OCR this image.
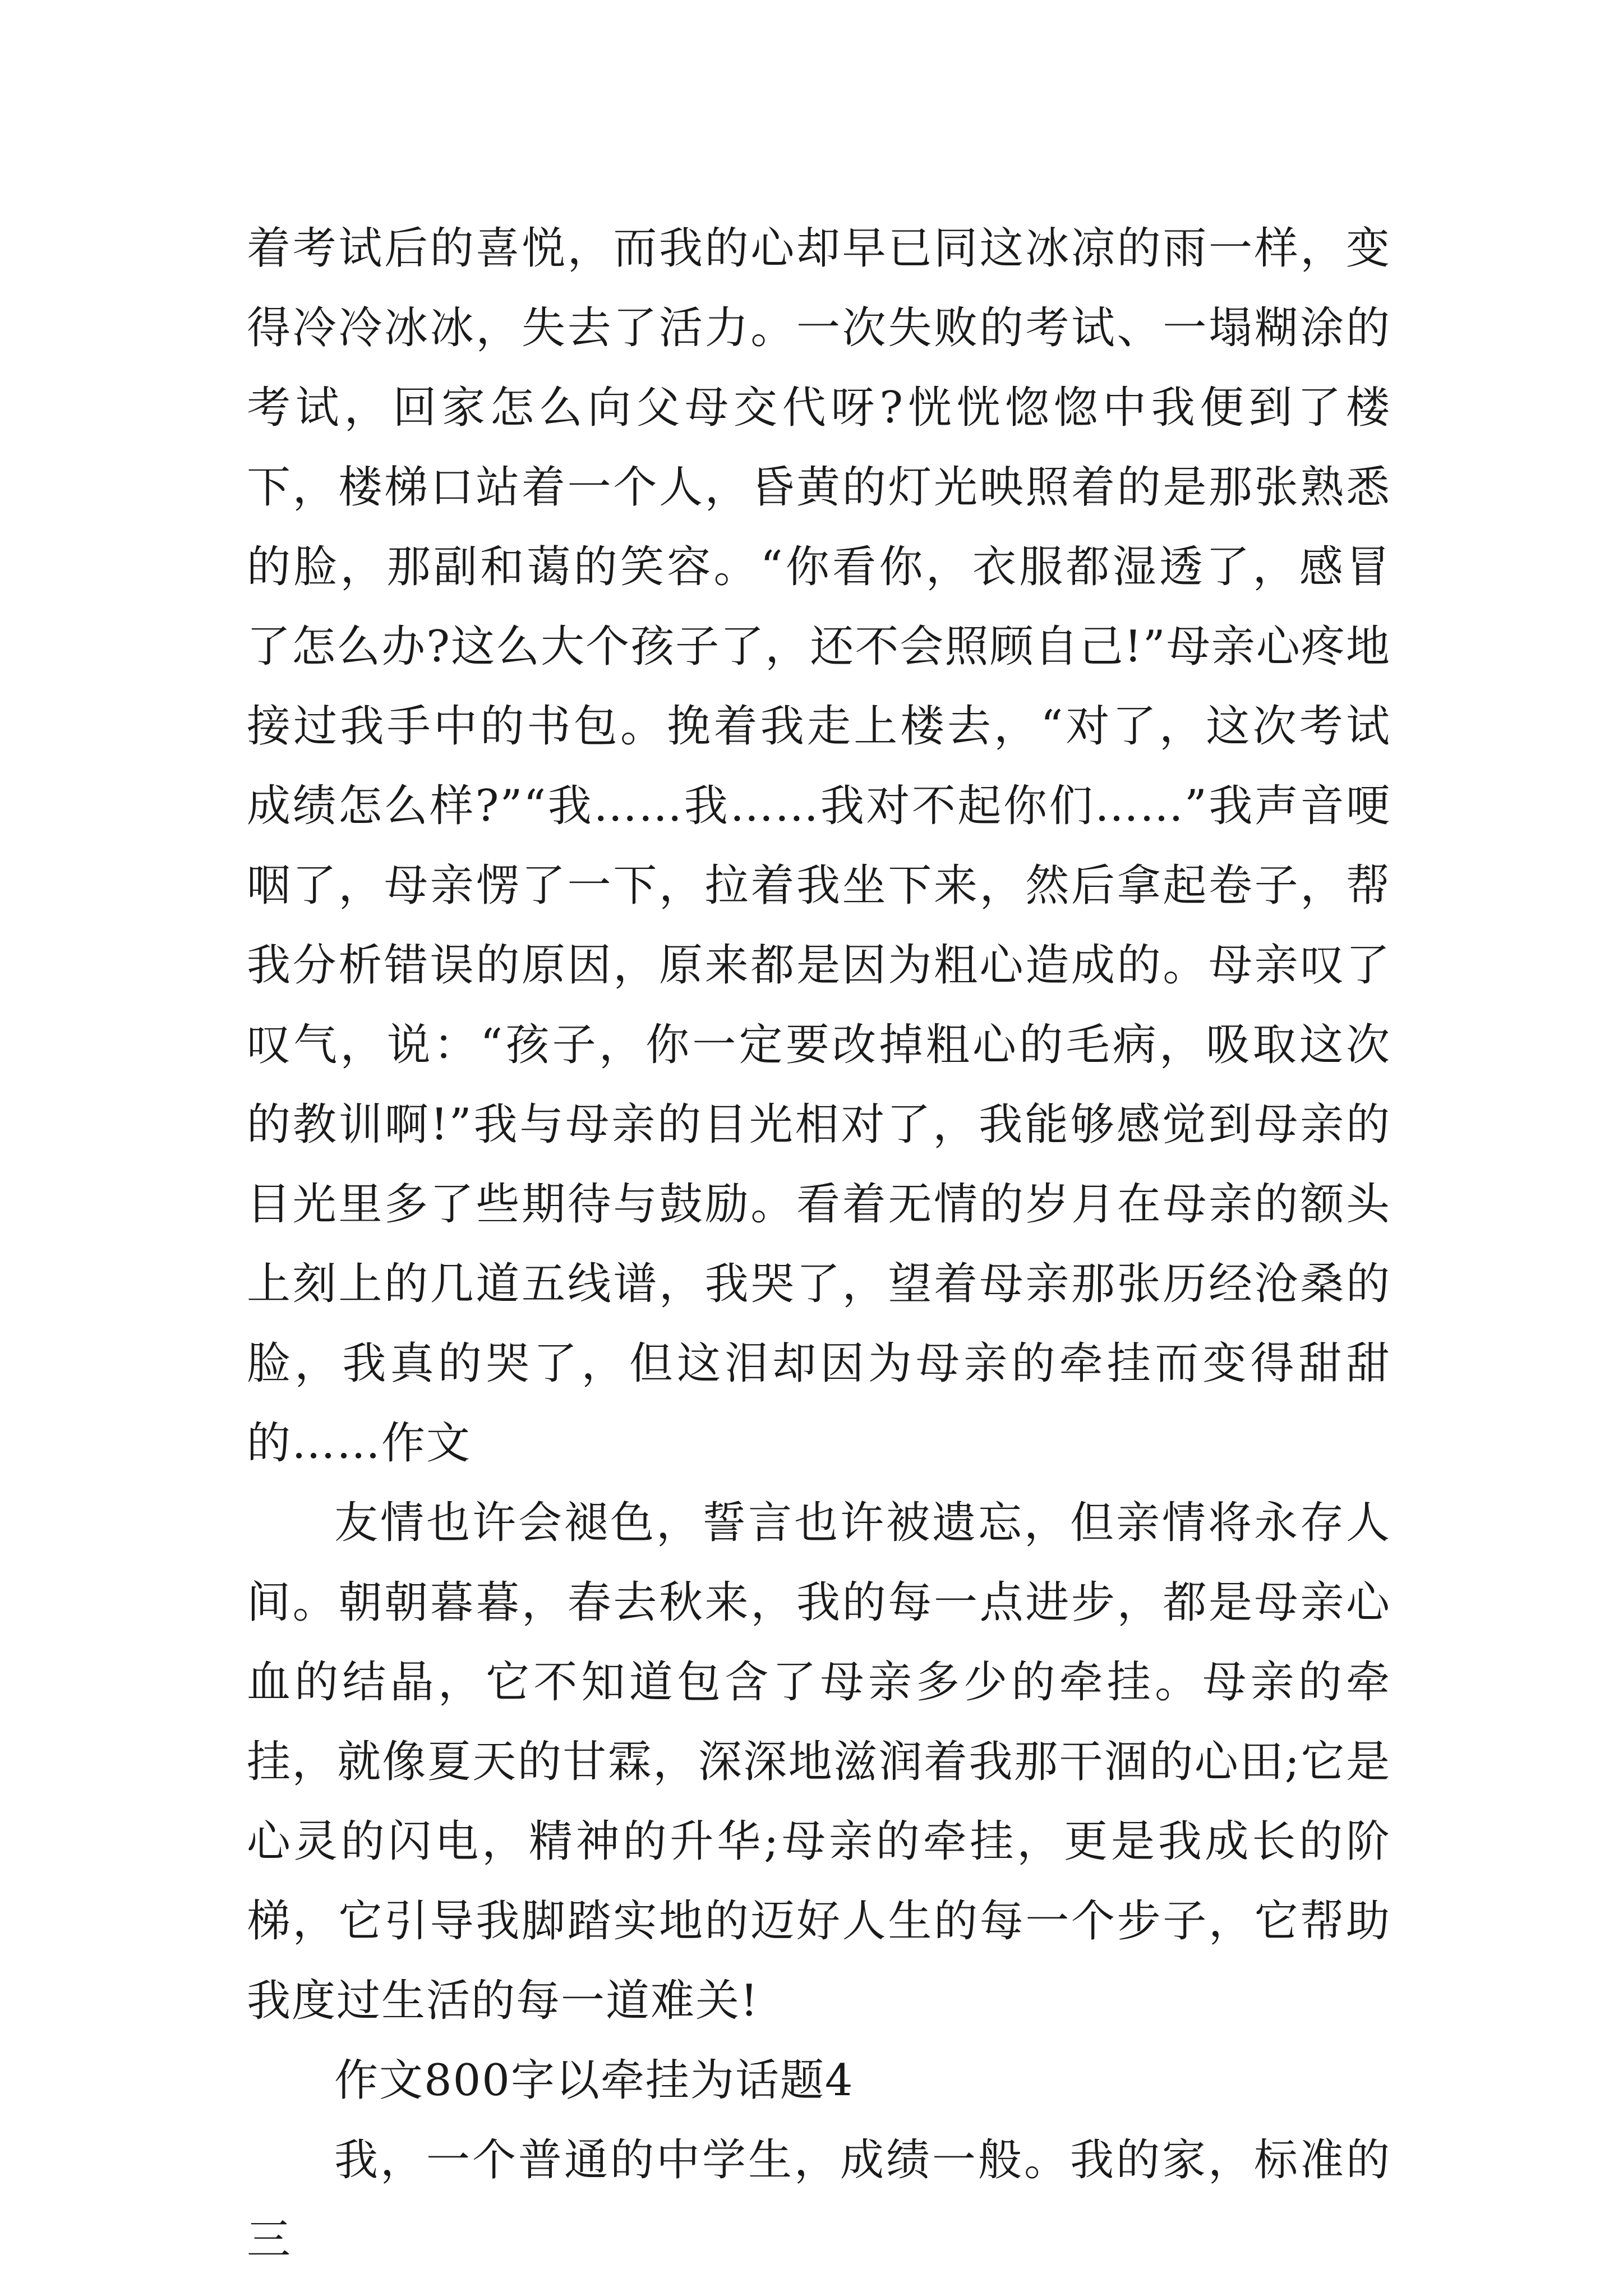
着考试后的喜悦，而我的心却早已同这冰凉的雨一样，变得冷冷冰冰，失去了活力。一次失败的考试、一塌糊涂的考试，回家怎么向父母交代呀?恍恍惚惚中我便到了楼下，楼梯口站着一个人，昏黄的灯光映照着的是那张熟悉的脸，那副和蔼的笑容。“你看你，衣服都湿透了，感冒了怎么办?这么大个孩子了，还不会照顾自己!”母亲心疼地接过我手中的书包。挽着我走上楼去，“对了，这次考试成绩怎么样?”“我……我……我对不起你们……”我声音哽咽了，母亲愣了一下，拉着我坐下来，然后拿起卷子，帮我分析错误的原因，原来都是因为粗心造成的。母亲叹了叹气，说：“孩子，你一定要改掉粗心的毛病，吸取这次的教训啊!”我与母亲的目光相对了，我能够感觉到母亲的目光里多了些期待与鼓励。看着无情的岁月在母亲的额头上刻上的几道五线谱，我哭了，望着母亲那张历经沧桑的脸，我真的哭了，但这泪却因为母亲的牵挂而变得甜甜的……作文

友情也许会褪色，誓言也许被遗忘，但亲情将永存人间。朝朝暮暮，春去秋来，我的每一点进步，都是母亲心血的结晶，它不知道包含了母亲多少的牵挂。母亲的牵挂，就像夏天的甘霖，深深地滋润着我那干涸的心田;它是心灵的闪电，精神的升华;母亲的牵挂，更是我成长的阶梯，它引导我脚踏实地的迈好人生的每一个步子，它帮助我度过生活的每一道难关!

作文800字以牵挂为话题4

我，一个普通的中学生，成绩一般。我的家，标准的三
